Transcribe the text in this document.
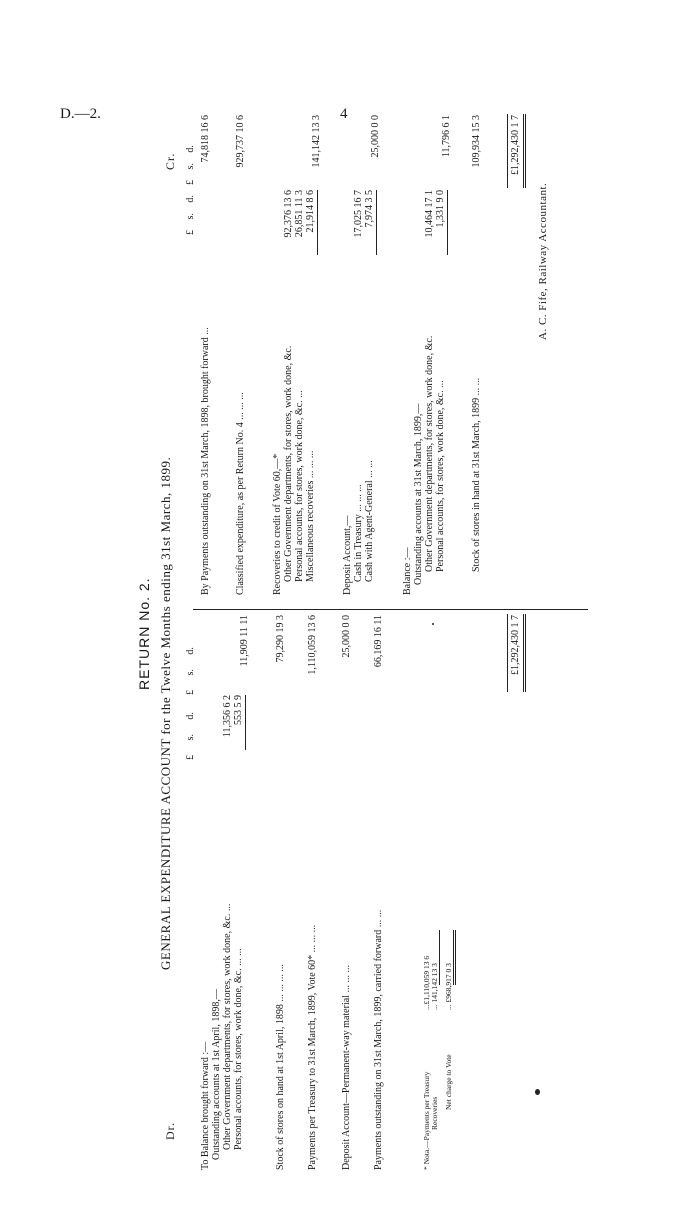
D.—2.	4
RETURN No. 2. GENERAL EXPENDITURE ACCOUNT for the Twelve Months ending 31st March, 1899.
Dr.
Cr.
£ s. d.
£ s. d.
£ s. d.
£ s. d.
To Balance brought forward :— Outstanding accounts at 1st April, 1898,— Other Government departments, for stores, work done, &c. ...
11,356 6 2
Personal accounts, for stores, work done, &c. ... ...
553 5 9
11,909 11 11
Stock of stores on hand at 1st April, 1898 ... ... ... ...
79,290 19 3
Payments per Treasury to 31st March, 1899, Vote 60* ... ... ...
1,110,059 13 6
Deposit Account—Permanent-way material ... ... ...
25,000 0 0
Payments outstanding on 31st March, 1899, carried forward ... ...
66,169 16 11
* Nota.—Payments per Treasury
...£1,110,059 13 6
Recoveries
... 141,142 13 3
Net charge to Vote
... £968,917 0 3
£1,292,430 1 7
By Payments outstanding on 31st March, 1898, brought forward ...
74,818 16 6
Classified expenditure, as per Return No. 4 ... ... ...
929,737 10 6
Recoveries to credit of Vote 60,—* Other Government departments, for stores, work done, &c.
92,376 13 6
Personal accounts, for stores, work done, &c. ...
26,851 11 3
Miscellaneous recoveries ... ... ...
21,914 8 6
141,142 13 3
Deposit Account,— Cash in Treasury ... ... ...
17,025 16 7
Cash with Agent-General ... ...
7,974 3 5
25,000 0 0
Balance :— Outstanding accounts at 31st March, 1899,— Other Government departments, for stores, work done, &c.
10,464 17 1
Personal accounts, for stores, work done, &c. ...
1,331 9 0
11,796 6 1
Stock of stores in hand at 31st March, 1899 ... ...
109,934 15 3	£1,292,430 1 7
A. C. Fife, Railway Accountant.
